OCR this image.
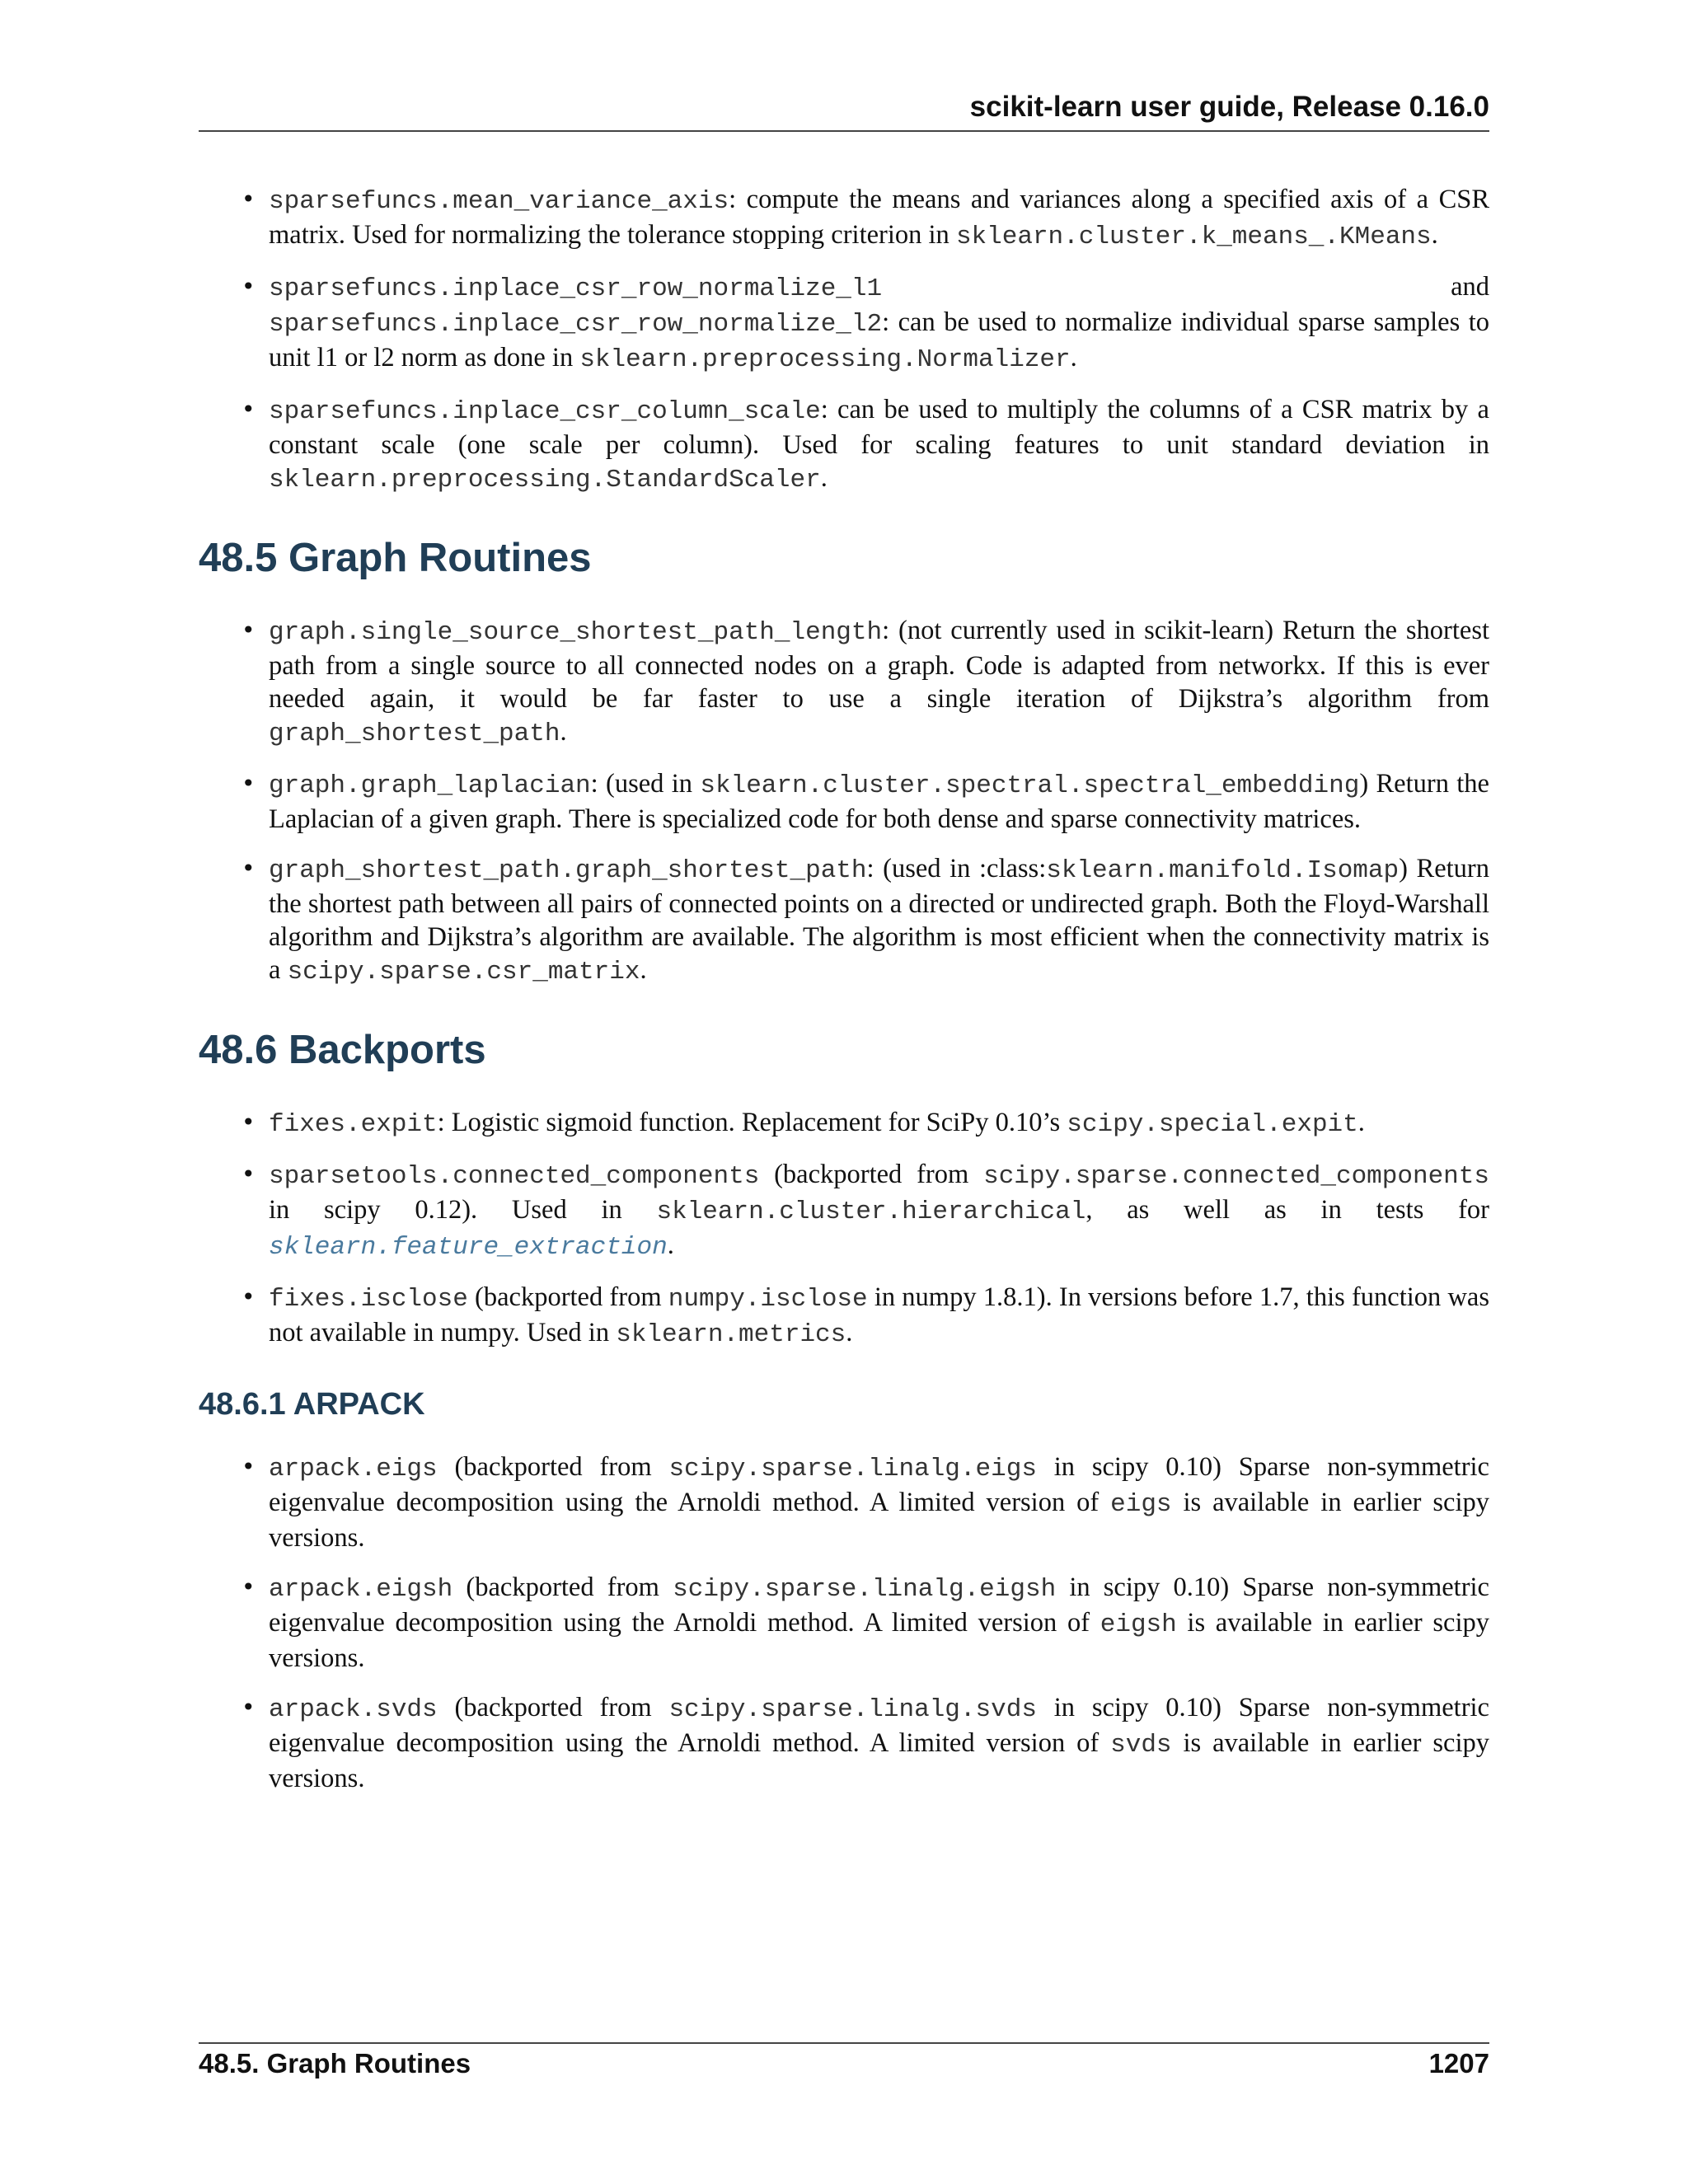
scikit-learn user guide, Release 0.16.0
• sparsefuncs.mean_variance_axis: compute the means and variances along a specified axis of a CSR matrix. Used for normalizing the tolerance stopping criterion in sklearn.cluster.k_means_.KMeans.
• sparsefuncs.inplace_csr_row_normalize_l1 and sparsefuncs.inplace_csr_row_normalize_l2: can be used to normalize individual sparse samples to unit l1 or l2 norm as done in sklearn.preprocessing.Normalizer.
• sparsefuncs.inplace_csr_column_scale: can be used to multiply the columns of a CSR matrix by a constant scale (one scale per column). Used for scaling features to unit standard deviation in sklearn.preprocessing.StandardScaler.
48.5 Graph Routines
• graph.single_source_shortest_path_length: (not currently used in scikit-learn) Return the shortest path from a single source to all connected nodes on a graph. Code is adapted from networkx. If this is ever needed again, it would be far faster to use a single iteration of Dijkstra’s algorithm from graph_shortest_path.
• graph.graph_laplacian: (used in sklearn.cluster.spectral.spectral_embedding) Return the Laplacian of a given graph. There is specialized code for both dense and sparse connectivity matrices.
• graph_shortest_path.graph_shortest_path: (used in :class:sklearn.manifold.Isomap) Return the shortest path between all pairs of connected points on a directed or undirected graph. Both the Floyd-Warshall algorithm and Dijkstra’s algorithm are available. The algorithm is most efficient when the connectivity matrix is a scipy.sparse.csr_matrix.
48.6 Backports
• fixes.expit: Logistic sigmoid function. Replacement for SciPy 0.10’s scipy.special.expit.
• sparsetools.connected_components (backported from scipy.sparse.connected_components in scipy 0.12). Used in sklearn.cluster.hierarchical, as well as in tests for sklearn.feature_extraction.
• fixes.isclose (backported from numpy.isclose in numpy 1.8.1). In versions before 1.7, this function was not available in numpy. Used in sklearn.metrics.
48.6.1 ARPACK
• arpack.eigs (backported from scipy.sparse.linalg.eigs in scipy 0.10) Sparse non-symmetric eigenvalue decomposition using the Arnoldi method. A limited version of eigs is available in earlier scipy versions.
• arpack.eigsh (backported from scipy.sparse.linalg.eigsh in scipy 0.10) Sparse non-symmetric eigenvalue decomposition using the Arnoldi method. A limited version of eigsh is available in earlier scipy versions.
• arpack.svds (backported from scipy.sparse.linalg.svds in scipy 0.10) Sparse non-symmetric eigenvalue decomposition using the Arnoldi method. A limited version of svds is available in earlier scipy versions.
48.5. Graph Routines	1207
